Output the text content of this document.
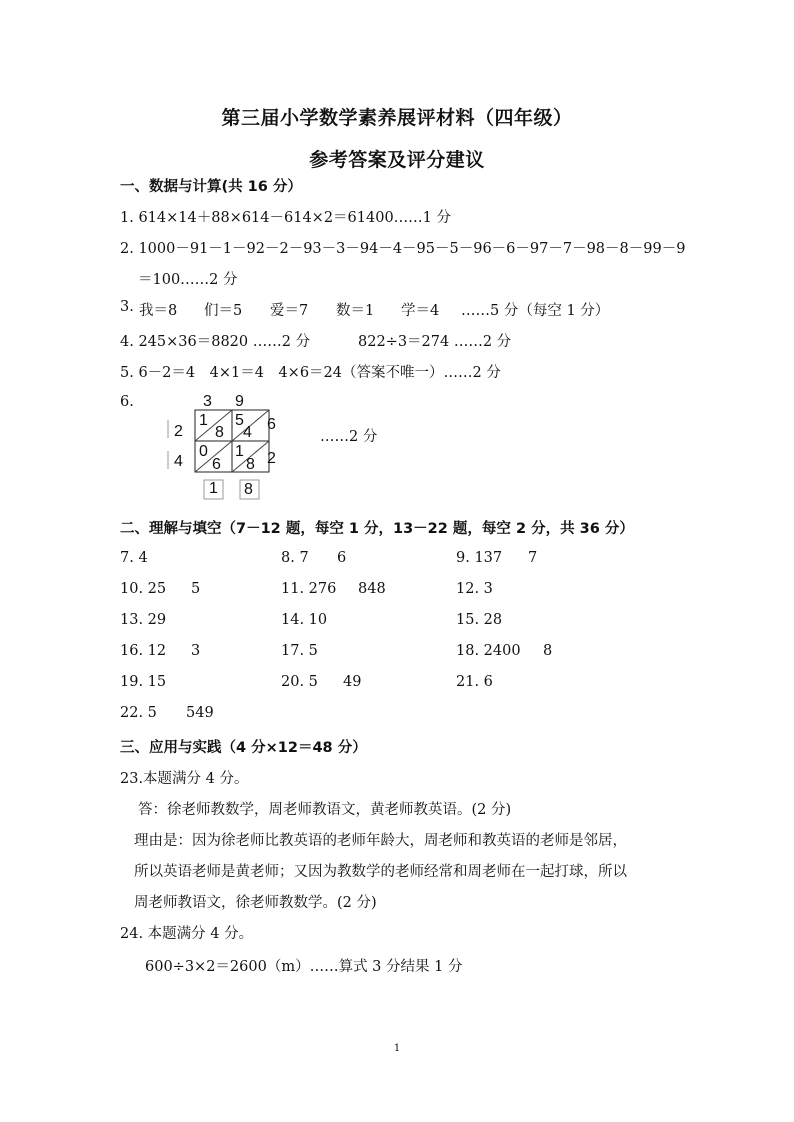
第三届小学数学素养展评材料（四年级）
参考答案及评分建议
一、数据与计算(共 16 分）
1. 614×14＋88×614－614×2＝61400……1 分
2. 1000－91－1－92－2－93－3－94－4－95－5－96－6－97－7－98－8－99－9
＝100……2 分
3. 我＝8 们＝5 爱＝7 数＝1 学＝4 ……5 分（每空 1 分）
4. 245×36＝8820 ……2 分	822÷3＝274 ……2 分
5. 6－2＝4　4×1＝4　4×6＝24（答案不唯一）……2 分
6.	3 9
6
2
2
4
1
8
5
4
0
6
1
8
1 8
……2 分
二、理解与填空（7－12 题，每空 1 分，13－22 题，每空 2 分，共 36 分）
7. 4	8. 7 6	9. 137 7
10. 25 5	11. 276 848	12. 3
13. 29	14. 10	15. 28
16. 12 3	17. 5	18. 2400 8
19. 15	20. 5 49	21. 6
22. 5 549
三、应用与实践（4 分×12＝48 分）
23.本题满分 4 分。
答：徐老师教数学，周老师教语文，黄老师教英语。(2 分)
理由是：因为徐老师比教英语的老师年龄大，周老师和教英语的老师是邻居，
所以英语老师是黄老师；又因为教数学的老师经常和周老师在一起打球，所以
周老师教语文，徐老师教数学。(2 分)
24. 本题满分 4 分。
600÷3×2＝2600（m）……算式 3 分结果 1 分
1
